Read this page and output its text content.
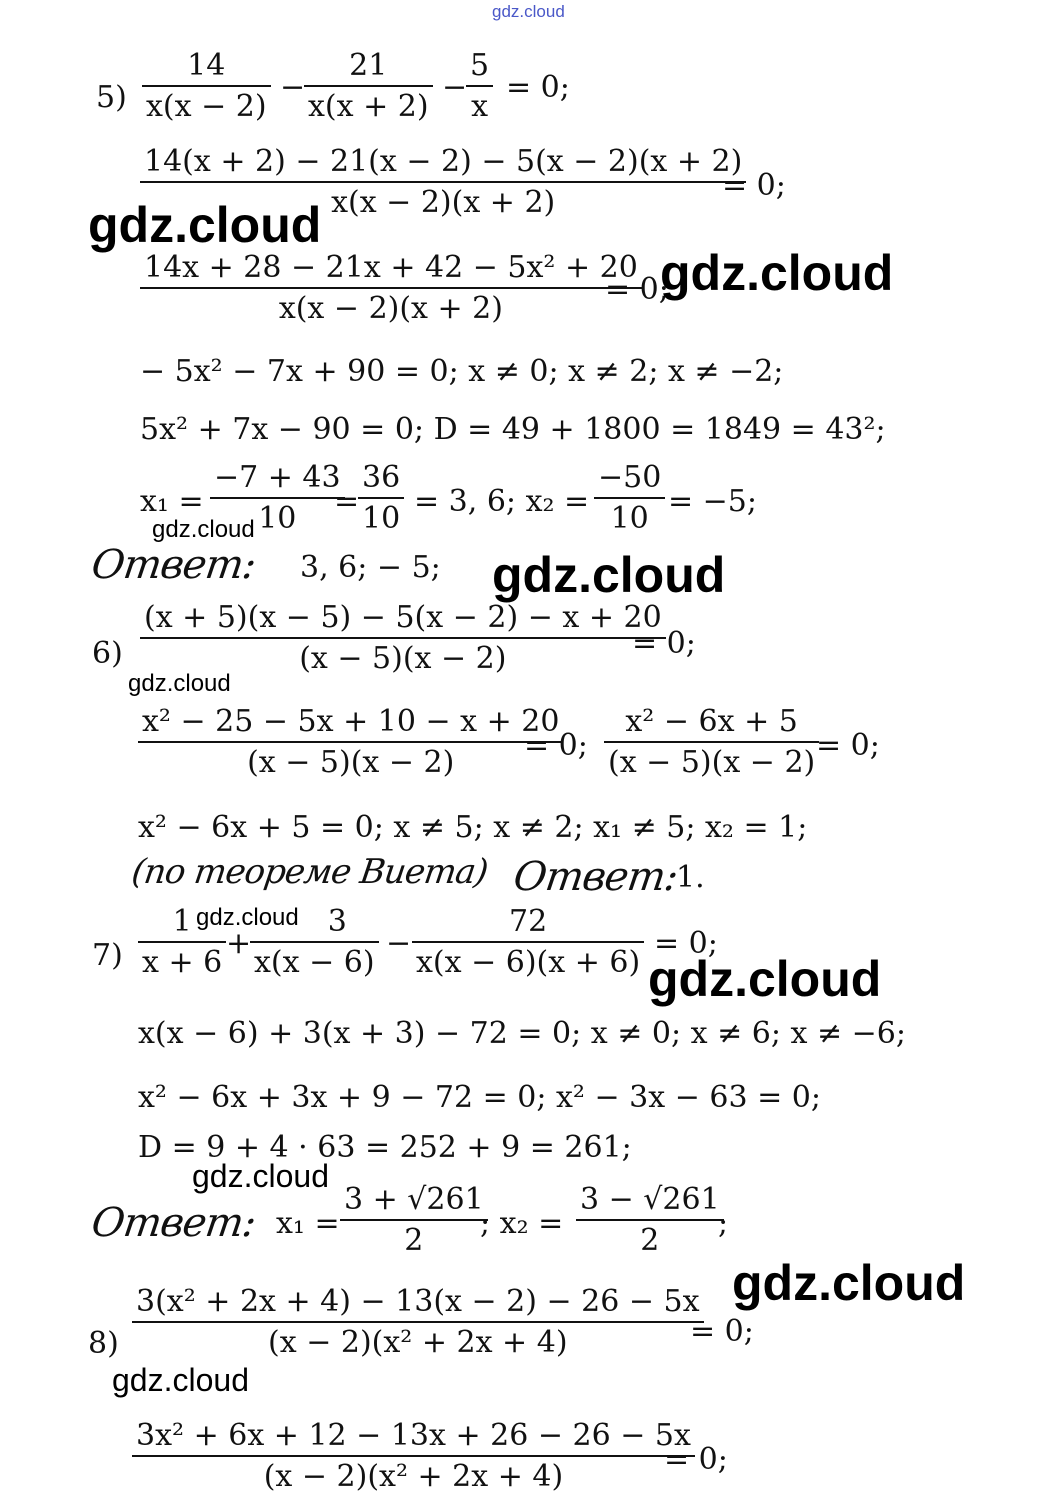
gdz.cloud
5)
14
x(x − 2)
−
21
x(x + 2)
−
5
x
= 0;
14(x + 2) − 21(x − 2) − 5(x − 2)(x + 2)
x(x − 2)(x + 2)	= 0;
14x + 28 − 21x + 42 − 5x² + 20
x(x − 2)(x + 2)
= 0;
− 5x² − 7x + 90 = 0; x ≠ 0; x ≠ 2; x ≠ −2;
5x² + 7x − 90 = 0; D = 49 + 1800 = 1849 = 43²;
x₁ =
−7 + 43
10 =
36
10 = 3, 6; x₂ =
−50
10 = −5;
Ответ: 3, 6; − 5;
6)
(x + 5)(x − 5) − 5(x − 2) − x + 20
(x − 5)(x − 2)	= 0;
x² − 25 − 5x + 10 − x + 20
(x − 5)(x − 2) = 0;
x² − 6x + 5
(x − 5)(x − 2) = 0;
x² − 6x + 5 = 0; x ≠ 5; x ≠ 2; x₁ ≠ 5; x₂ = 1;
(по теореме Виета) Ответ:
1.
7)
1
x + 6
+
3
x(x − 6)
−
72
x(x − 6)(x + 6)
= 0;
x(x − 6) + 3(x + 3) − 72 = 0; x ≠ 0; x ≠ 6; x ≠ −6;
x² − 6x + 3x + 9 − 72 = 0; x² − 3x − 63 = 0;
D = 9 + 4 · 63 = 252 + 9 = 261;
Ответ: x₁ =
3 + √261
2 ; x₂ =
3 − √261
2 ;
8)
3(x² + 2x + 4) − 13(x − 2) − 26 − 5x
(x − 2)(x² + 2x + 4)	= 0;
3x² + 6x + 12 − 13x + 26 − 26 − 5x
(x − 2)(x² + 2x + 4)	= 0;
gdz.cloud
gdz.cloud
gdz.cloud
gdz.cloud
gdz.cloud
gdz.cloud
gdz.cloud
gdz.cloud
gdz.cloud
gdz.cloud
